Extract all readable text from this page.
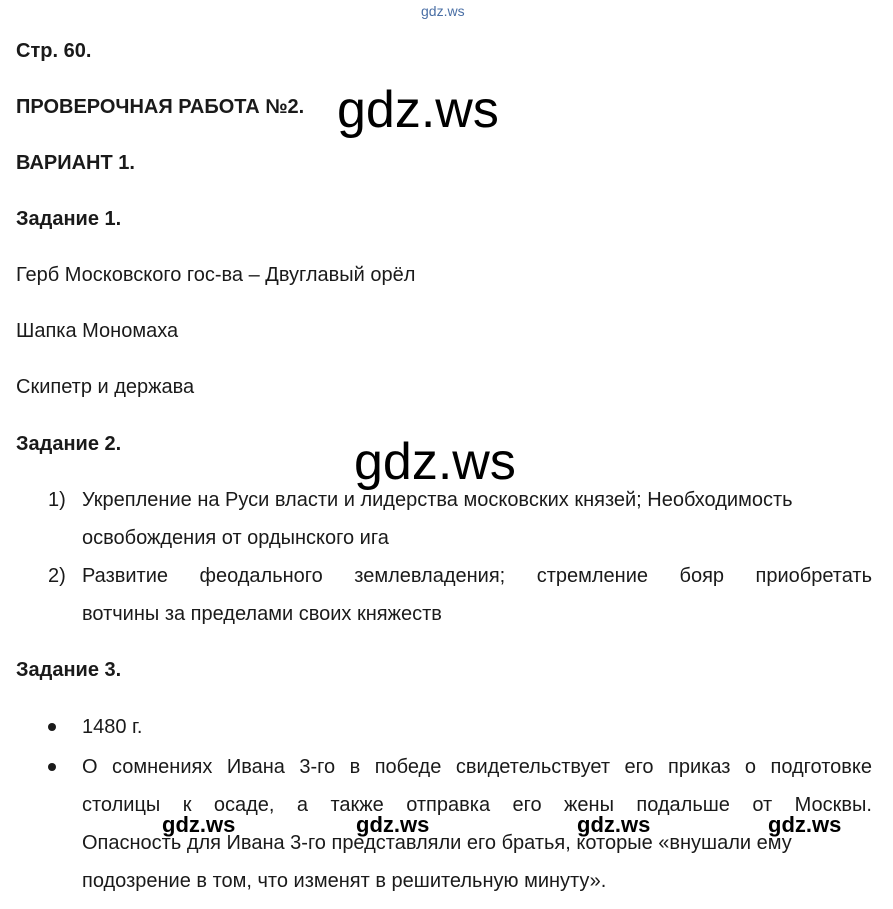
gdz.ws
Стр. 60.
ПРОВЕРОЧНАЯ РАБОТА №2.
ВАРИАНТ 1.
Задание 1.
Герб Московского гос-ва – Двуглавый орёл
Шапка Мономаха
Скипетр и держава
Задание 2.
1) Укрепление на Руси власти и лидерства московских князей; Необходимость
освобождения от ордынского ига
2) Развитие феодального землевладения; стремление бояр приобретать
вотчины за пределами своих княжеств
Задание 3.
1480 г.
О сомнениях Ивана 3-го в победе свидетельствует его приказ о подготовке
столицы к осаде, а также отправка его жены подальше от Москвы.
Опасность для Ивана 3-го представляли его братья, которые «внушали ему
подозрение в том, что изменят в решительную минуту».
gdz.ws
gdz.ws
gdz.ws	gdz.ws	gdz.ws	gdz.ws
